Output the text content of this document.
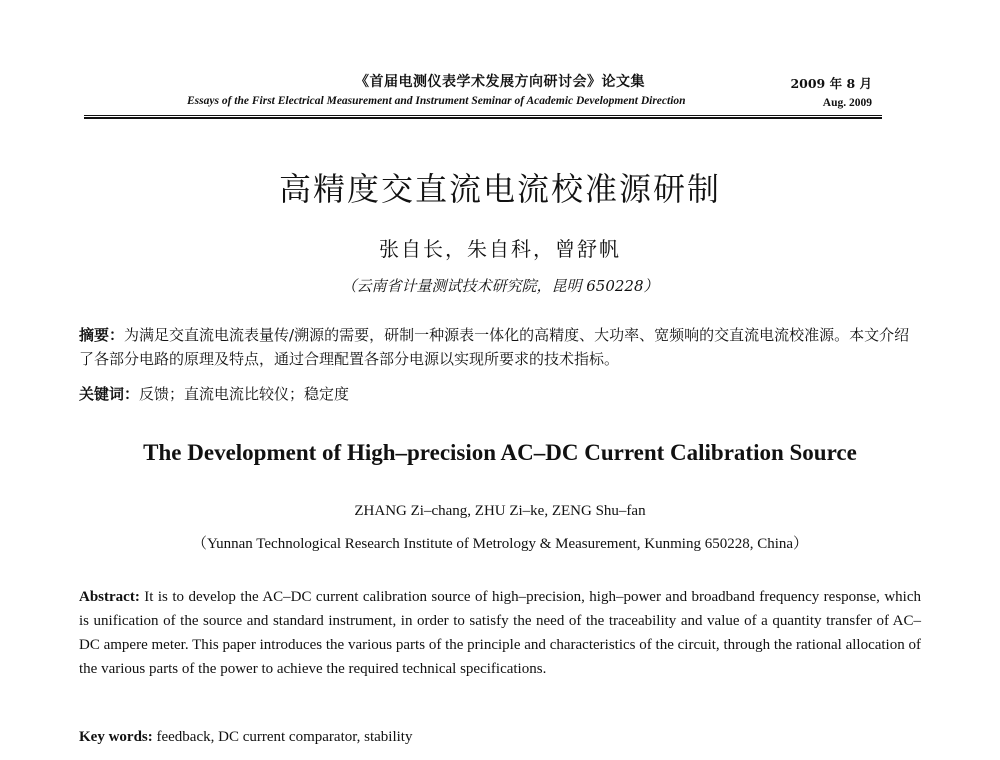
《首届电测仪表学术发展方向研讨会》论文集
Essays of the First Electrical Measurement and Instrument Seminar of Academic Development Direction
2009 年 8 月
Aug. 2009
高精度交直流电流校准源研制
张自长，朱自科，曾舒帆
（云南省计量测试技术研究院，昆明 650228）
摘要：为满足交直流电流表量传/溯源的需要，研制一种源表一体化的高精度、大功率、宽频响的交直流电流校准源。本文介绍了各部分电路的原理及特点，通过合理配置各部分电源以实现所要求的技术指标。
关键词：反馈；直流电流比较仪；稳定度
The Development of High–precision AC–DC Current Calibration Source
ZHANG Zi–chang, ZHU Zi–ke, ZENG Shu–fan
（Yunnan Technological Research Institute of Metrology & Measurement, Kunming 650228, China）
Abstract: It is to develop the AC–DC current calibration source of high–precision, high–power and broadband frequency response, which is unification of the source and standard instrument, in order to satisfy the need of the traceability and value of a quantity transfer of AC–DC ampere meter. This paper introduces the various parts of the principle and characteristics of the circuit, through the rational allocation of the various parts of the power to achieve the required technical specifications.
Key words: feedback, DC current comparator, stability
